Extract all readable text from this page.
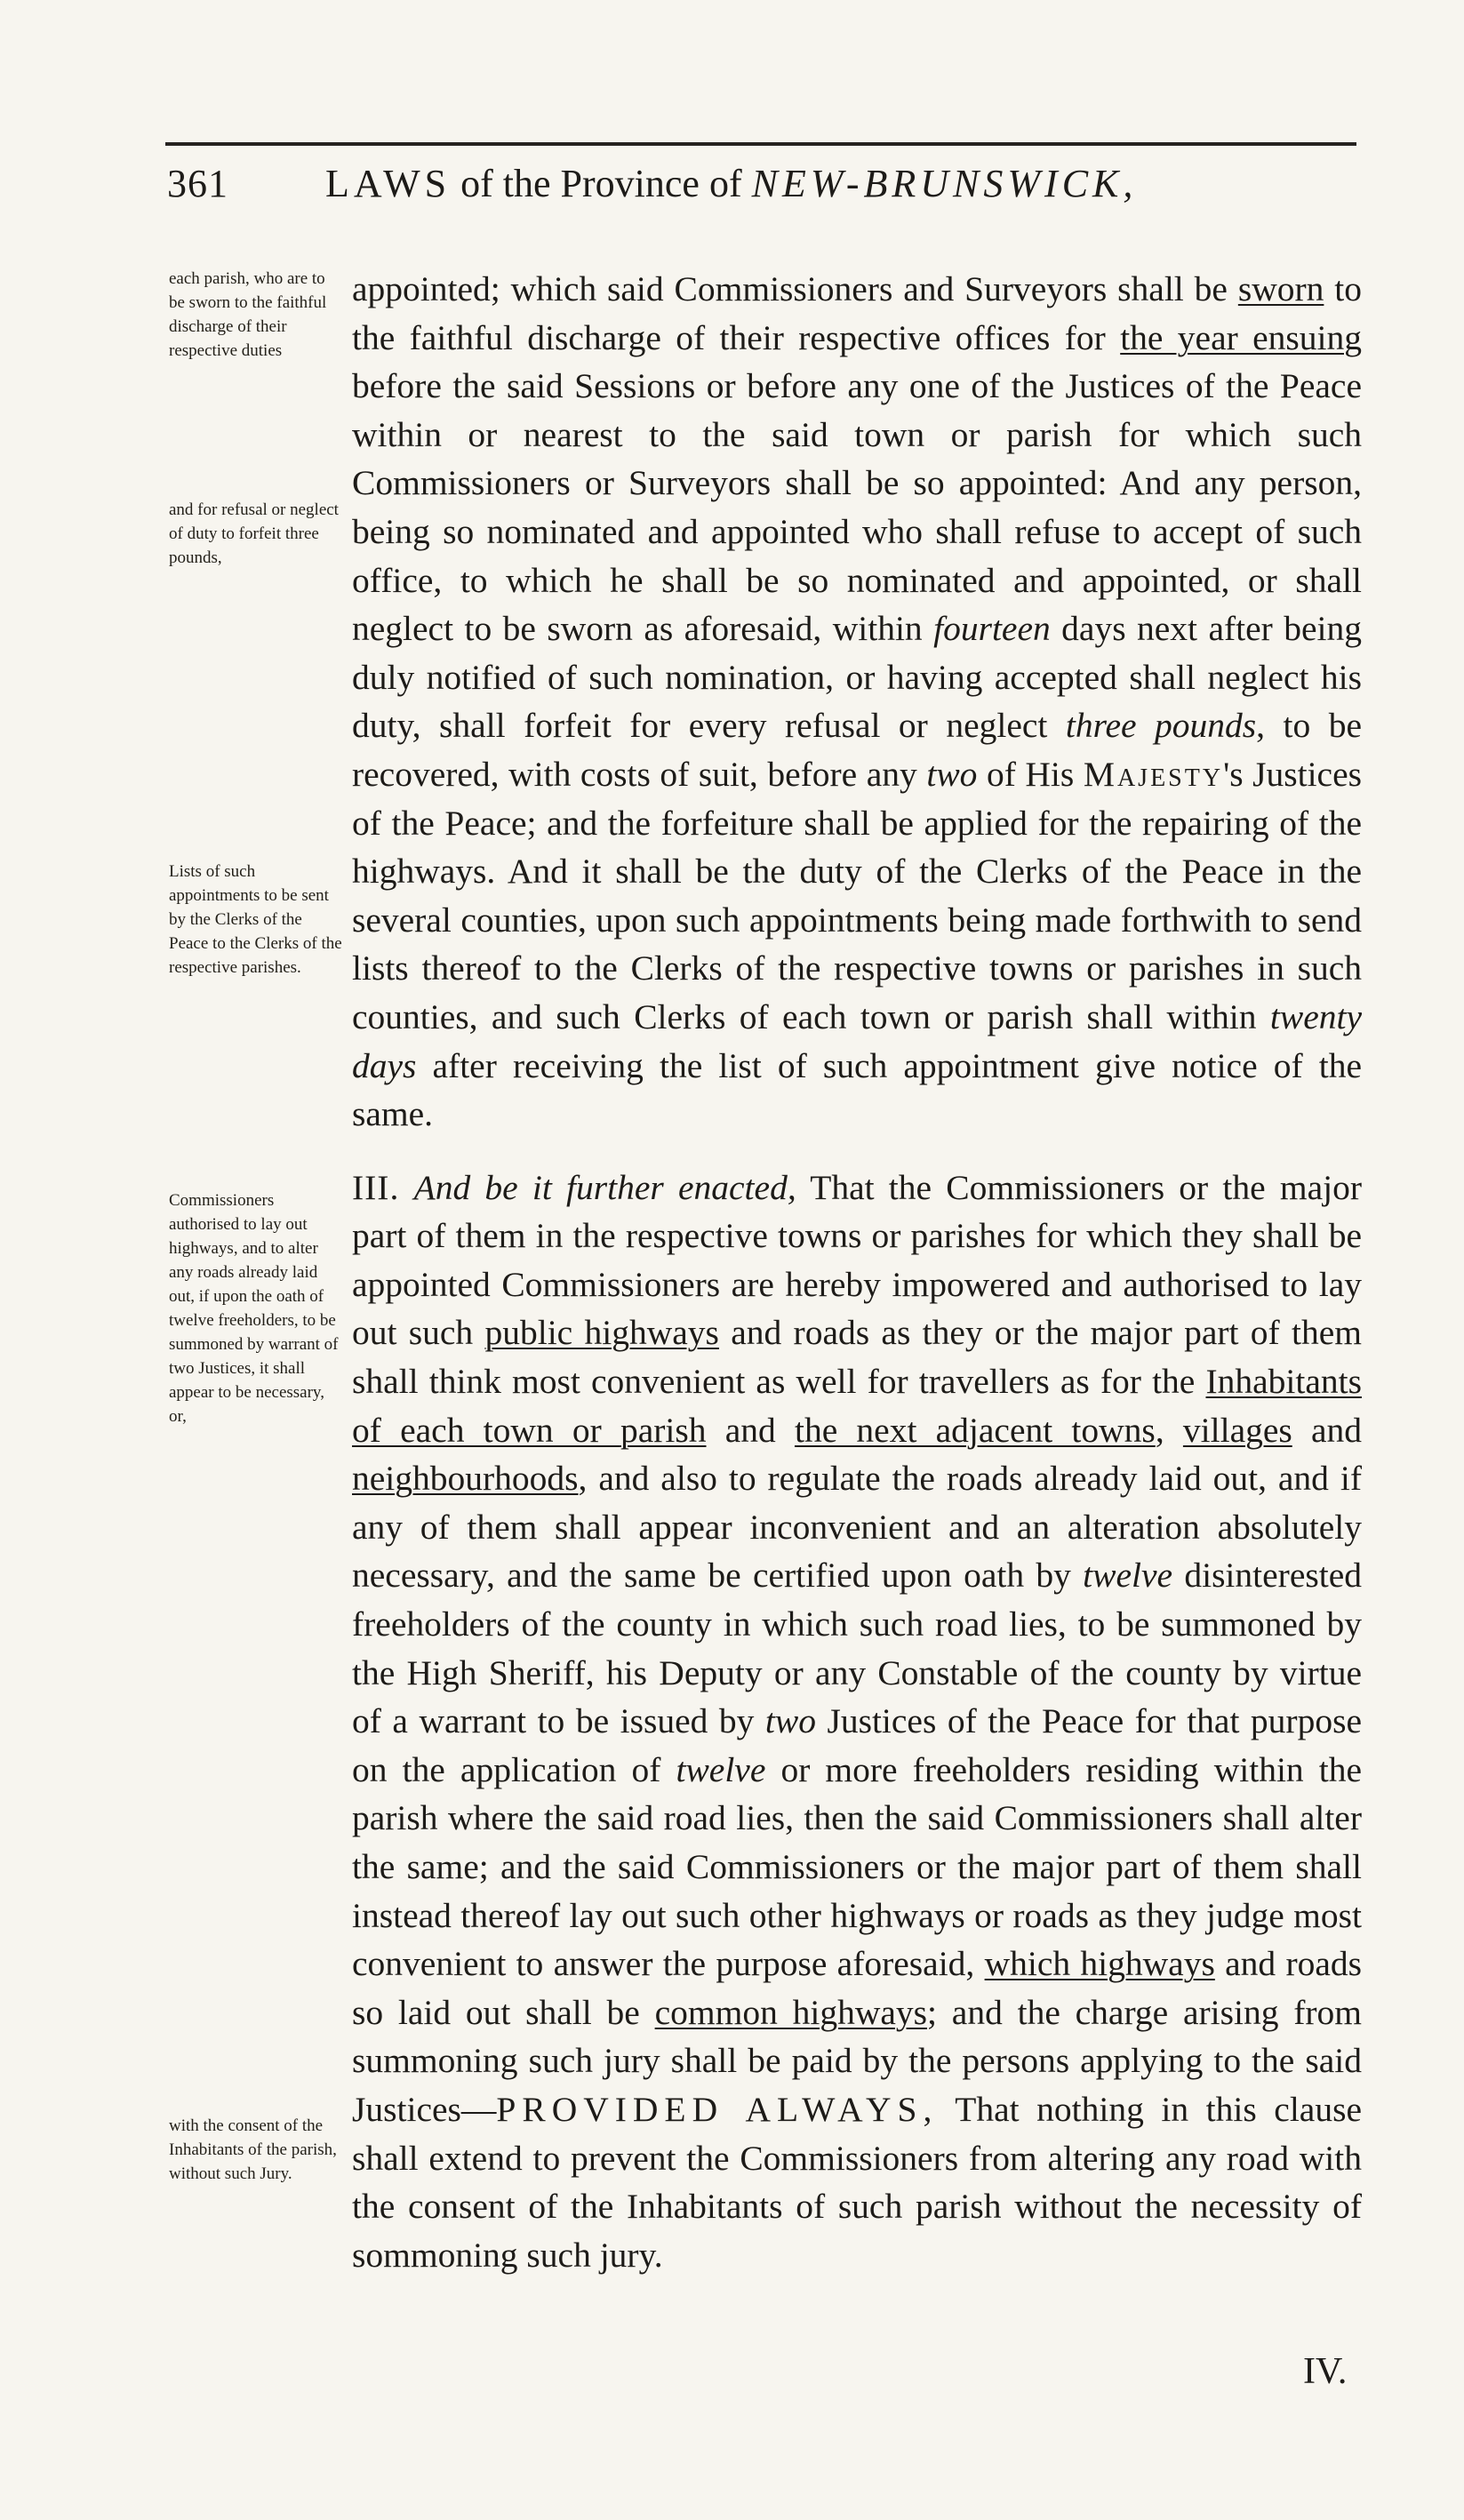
361 LAWS of the Province of NEW-BRUNSWICK,
each parish, who are to be sworn to the faithful discharge of their respective duties
and for refusal or neglect of duty to forfeit three pounds,
Lists of such appointments to be sent by the Clerks of the Peace to the Clerks of the respective parishes.
Commissioners authorised to lay out highways, and to alter any roads already laid out, if upon the oath of twelve freeholders, to be summoned by warrant of two Justices, it shall appear to be necessary, or,
with the consent of the Inhabitants of the parish, without such Jury.

appointed; which said Commissioners and Surveyors shall be sworn to the faithful discharge of their respective offices for the year ensuing before the said Sessions or before any one of the Justices of the Peace within or nearest to the said town or parish for which such Commissioners or Surveyors shall be so appointed: And any person, being so nominated and appointed who shall refuse to accept of such office, to which he shall be so nominated and appointed, or shall neglect to be sworn as aforesaid, within fourteen days next after being duly notified of such nomination, or having accepted shall neglect his duty, shall forfeit for every refusal or neglect three pounds, to be recovered, with costs of suit, before any two of His Majesty's Justices of the Peace; and the forfeiture shall be applied for the repairing of the highways. And it shall be the duty of the Clerks of the Peace in the several counties, upon such appointments being made forthwith to send lists thereof to the Clerks of the respective towns or parishes in such counties, and such Clerks of each town or parish shall within twenty days after receiving the list of such appointment give notice of the same.

III. And be it further enacted, That the Commissioners or the major part of them in the respective towns or parishes for which they shall be appointed Commissioners are hereby impowered and authorised to lay out such public highways and roads as they or the major part of them shall think most convenient as well for travellers as for the Inhabitants of each town or parish and the next adjacent towns, villages and neighbourhoods, and also to regulate the roads already laid out, and if any of them shall appear inconvenient and an alteration absolutely necessary, and the same be certified upon oath by twelve disinterested freeholders of the county in which such road lies, to be summoned by the High Sheriff, his Deputy or any Constable of the county by virtue of a warrant to be issued by two Justices of the Peace for that purpose on the application of twelve or more freeholders residing within the parish where the said road lies, then the said Commissioners shall alter the same; and the said Commissioners or the major part of them shall instead thereof lay out such other highways or roads as they judge most convenient to answer the purpose aforesaid, which highways and roads so laid out shall be common highways; and the charge arising from summoning such jury shall be paid by the persons applying to the said Justices—PROVIDED ALWAYS, That nothing in this clause shall extend to prevent the Commissioners from altering any road with the consent of the Inhabitants of such parish without the necessity of sommoning such jury.

IV.
